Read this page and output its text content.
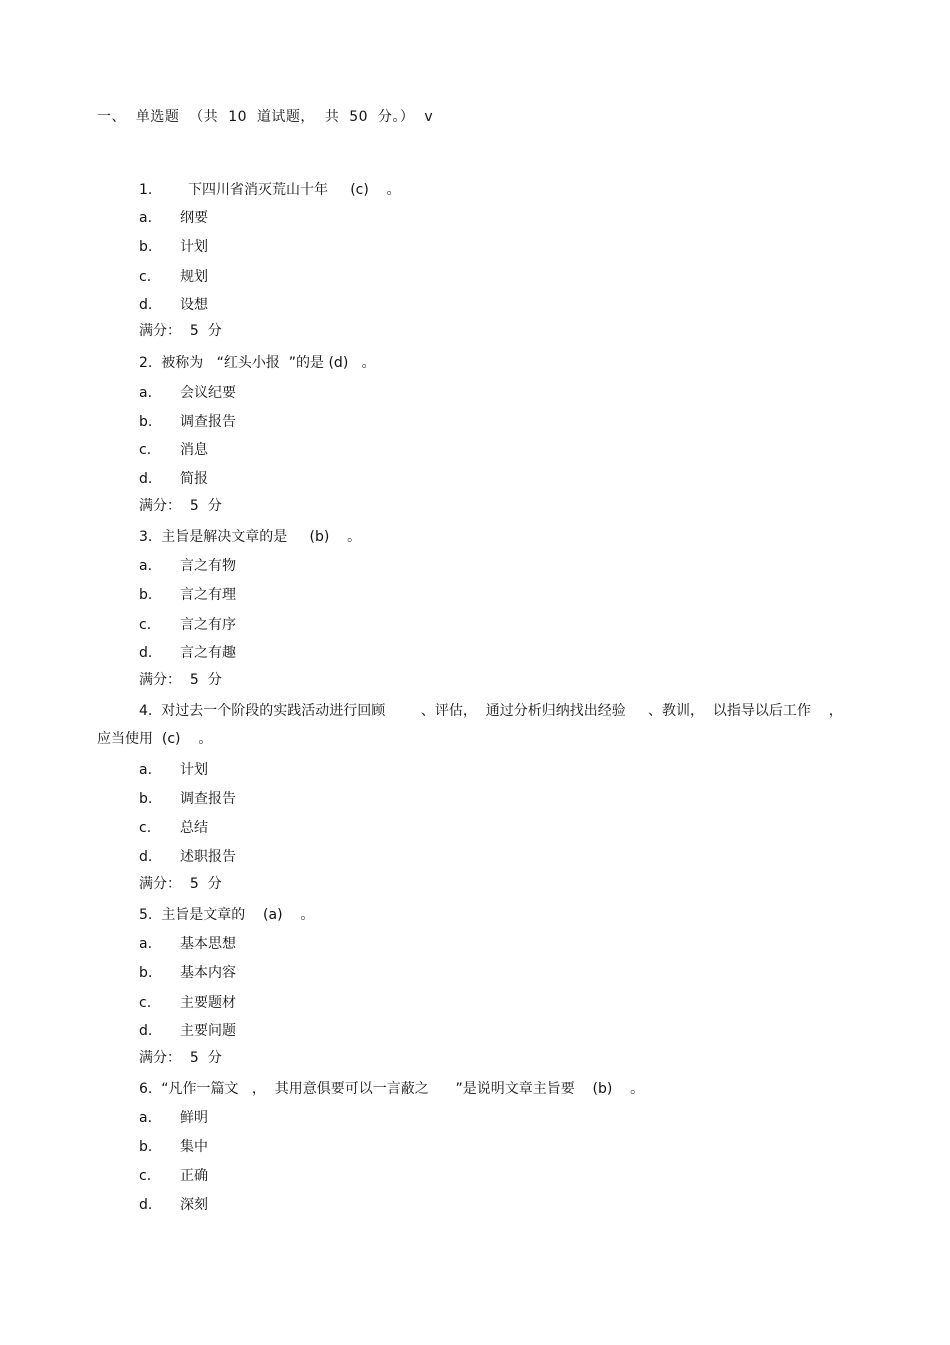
一、  单选题  （共  10  道试题，  共  50  分。）  v
1.        下四川省消灭荒山十年     (c)    。
a. 纲要
b. 计划
c. 规划
d. 设想
满分：  5  分
2.  被称为   “红头小报  ”的是 (d)   。
a. 会议纪要
b. 调查报告
c. 消息
d. 简报
满分：  5  分
3.  主旨是解决文章的是     (b)    。
a. 言之有物
b. 言之有理
c. 言之有序
d. 言之有趣
满分：  5  分
4.  对过去一个阶段的实践活动进行回顾        、评估，  通过分析归纳找出经验     、教训，  以指导以后工作    ，
应当使用  (c)    。
a. 计划
b. 调查报告
c. 总结
d. 述职报告
满分：  5  分
5.  主旨是文章的    (a)    。
a. 基本思想
b. 基本内容
c. 主要题材
d. 主要问题
满分：  5  分
6.  “凡作一篇文   ，  其用意俱要可以一言蔽之      ”是说明文章主旨要    (b)    。
a. 鲜明
b. 集中
c. 正确
d. 深刻
